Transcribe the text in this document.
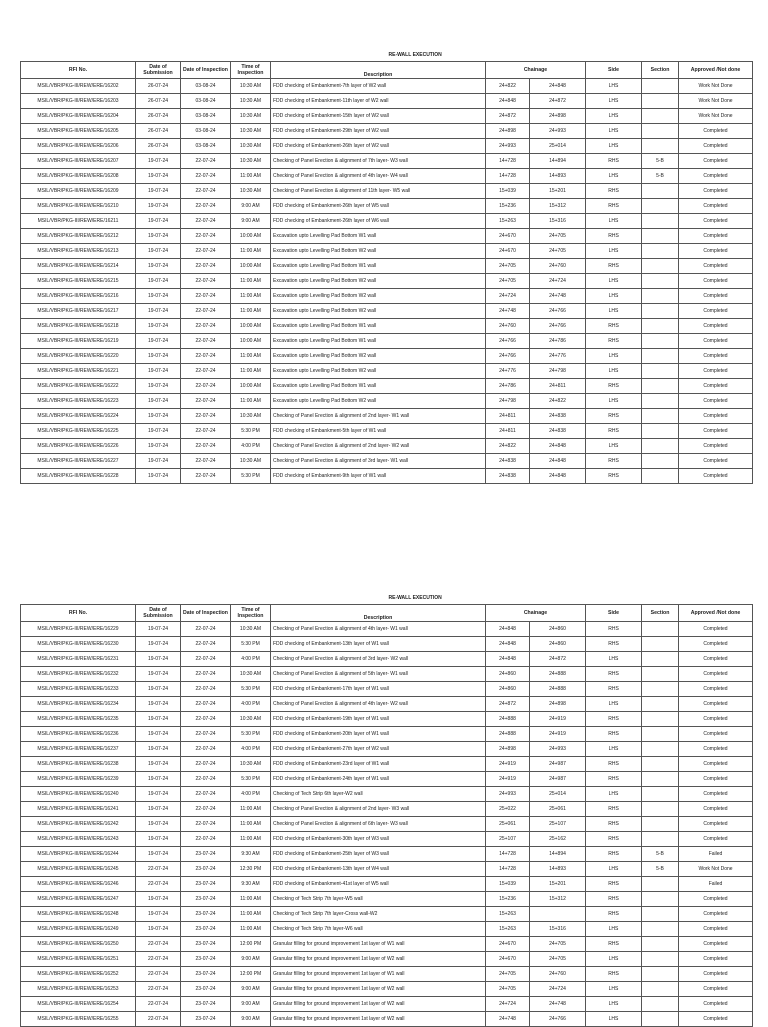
				RE-WALL EXECUTION					
RFI No.	Date of Submission	Date of Inspection	Time of Inspection	Description	Chainage		Side	Section	Approved /Not done
MSIL/VBR/PKG-III/REW/ERE/16202	26-07-24	03-08-24	10:30 AM	FDD checking of Embankment-7th layer of W2 wall	24+822	24+848	LHS		Work Not Done
MSIL/VBR/PKG-III/REW/ERE/16203	26-07-24	03-08-24	10:30 AM	FDD checking of Embankment-11th layer of W2 wall	24+848	24+872	LHS		Work Not Done
MSIL/VBR/PKG-III/REW/ERE/16204	26-07-24	03-08-24	10:30 AM	FDD checking of Embankment-15th layer of W2 wall	24+872	24+898	LHS		Work Not Done
MSIL/VBR/PKG-III/REW/ERE/16205	26-07-24	03-08-24	10:30 AM	FDD checking of Embankment-29th layer of W2 wall	24+898	24+993	LHS		Completed
MSIL/VBR/PKG-III/REW/ERE/16206	26-07-24	03-08-24	10:30 AM	FDD checking of Embankment-26th layer of W2 wall	24+993	25+014	LHS		Completed
MSIL/VBR/PKG-III/REW/ERE/16207	19-07-24	22-07-24	10:30 AM	Checking of Panel Erection & alignment of 7th layer- W3 wall	14+728	14+894	RHS	5-B	Completed
MSIL/VBR/PKG-III/REW/ERE/16208	19-07-24	22-07-24	11:00 AM	Checking of Panel Erection & alignment of 4th layer- W4 wall	14+728	14+893	LHS	5-B	Completed
MSIL/VBR/PKG-III/REW/ERE/16209	19-07-24	22-07-24	10:30 AM	Checking of Panel Erection & alignment of 11th layer- W5 wall	15+039	15+201	RHS		Completed
MSIL/VBR/PKG-III/REW/ERE/16210	19-07-24	22-07-24	9:00 AM	FDD checking of Embankment-26th layer of W5 wall	15+236	15+312	RHS		Completed
MSIL/VBR/PKG-III/REW/ERE/16211	19-07-24	22-07-24	9:00 AM	FDD checking of Embankment-26th layer of W6 wall	15+263	15+316	LHS		Completed
MSIL/VBR/PKG-III/REW/ERE/16212	19-07-24	22-07-24	10:00 AM	Excavation upto Levelling Pad Bottom W1 wall	24+670	24+705	RHS		Completed
MSIL/VBR/PKG-III/REW/ERE/16213	19-07-24	22-07-24	11:00 AM	Excavation upto Levelling Pad Bottom W2 wall	24+670	24+705	LHS		Completed
MSIL/VBR/PKG-III/REW/ERE/16214	19-07-24	22-07-24	10:00 AM	Excavation upto Levelling Pad Bottom W1 wall	24+705	24+760	RHS		Completed
MSIL/VBR/PKG-III/REW/ERE/16215	19-07-24	22-07-24	11:00 AM	Excavation upto Levelling Pad Bottom W2 wall	24+705	24+724	LHS		Completed
MSIL/VBR/PKG-III/REW/ERE/16216	19-07-24	22-07-24	11:00 AM	Excavation upto Levelling Pad Bottom W2 wall	24+724	24+748	LHS		Completed
MSIL/VBR/PKG-III/REW/ERE/16217	19-07-24	22-07-24	11:00 AM	Excavation upto Levelling Pad Bottom W2 wall	24+748	24+766	LHS		Completed
MSIL/VBR/PKG-III/REW/ERE/16218	19-07-24	22-07-24	10:00 AM	Excavation upto Levelling Pad Bottom W1 wall	24+760	24+766	RHS		Completed
MSIL/VBR/PKG-III/REW/ERE/16219	19-07-24	22-07-24	10:00 AM	Excavation upto Levelling Pad Bottom W1 wall	24+766	24+786	RHS		Completed
MSIL/VBR/PKG-III/REW/ERE/16220	19-07-24	22-07-24	11:00 AM	Excavation upto Levelling Pad Bottom W2 wall	24+766	24+776	LHS		Completed
MSIL/VBR/PKG-III/REW/ERE/16221	19-07-24	22-07-24	11:00 AM	Excavation upto Levelling Pad Bottom W2 wall	24+776	24+798	LHS		Completed
MSIL/VBR/PKG-III/REW/ERE/16222	19-07-24	22-07-24	10:00 AM	Excavation upto Levelling Pad Bottom W1 wall	24+786	24+811	RHS		Completed
MSIL/VBR/PKG-III/REW/ERE/16223	19-07-24	22-07-24	11:00 AM	Excavation upto Levelling Pad Bottom W2 wall	24+798	24+822	LHS		Completed
MSIL/VBR/PKG-III/REW/ERE/16224	19-07-24	22-07-24	10:30 AM	Checking of Panel Erection & alignment of 2nd layer- W1 wall	24+811	24+838	RHS		Completed
MSIL/VBR/PKG-III/REW/ERE/16225	19-07-24	22-07-24	5:30 PM	FDD checking of Embankment-5th layer of W1 wall	24+811	24+838	RHS		Completed
MSIL/VBR/PKG-III/REW/ERE/16226	19-07-24	22-07-24	4:00 PM	Checking of Panel Erection & alignment of 2nd layer- W2 wall	24+822	24+848	LHS		Completed
MSIL/VBR/PKG-III/REW/ERE/16227	19-07-24	22-07-24	10:30 AM	Checking of Panel Erection & alignment of 3rd layer- W1 wall	24+838	24+848	RHS		Completed
MSIL/VBR/PKG-III/REW/ERE/16228	19-07-24	22-07-24	5:30 PM	FDD checking of Embankment-9th layer of W1 wall	24+838	24+848	RHS		Completed
				RE-WALL EXECUTION					
RFI No.	Date of Submission	Date of Inspection	Time of Inspection	Description	Chainage		Side	Section	Approved /Not done
MSIL/VBR/PKG-III/REW/ERE/16229	19-07-24	22-07-24	10:30 AM	Checking of Panel Erection & alignment of 4th layer- W1 wall	24+848	24+860	RHS		Completed
MSIL/VBR/PKG-III/REW/ERE/16230	19-07-24	22-07-24	5:30 PM	FDD checking of Embankment-13th layer of W1 wall	24+848	24+860	RHS		Completed
MSIL/VBR/PKG-III/REW/ERE/16231	19-07-24	22-07-24	4:00 PM	Checking of Panel Erection & alignment of 3rd layer- W2 wall	24+848	24+872	LHS		Completed
MSIL/VBR/PKG-III/REW/ERE/16232	19-07-24	22-07-24	10:30 AM	Checking of Panel Erection & alignment of 5th layer- W1 wall	24+860	24+888	RHS		Completed
MSIL/VBR/PKG-III/REW/ERE/16233	19-07-24	22-07-24	5:30 PM	FDD checking of Embankment-17th layer of W1 wall	24+860	24+888	RHS		Completed
MSIL/VBR/PKG-III/REW/ERE/16234	19-07-24	22-07-24	4:00 PM	Checking of Panel Erection & alignment of 4th layer- W2 wall	24+872	24+898	LHS		Completed
MSIL/VBR/PKG-III/REW/ERE/16235	19-07-24	22-07-24	10:30 AM	FDD checking of Embankment-19th layer of W1 wall	24+888	24+919	RHS		Completed
MSIL/VBR/PKG-III/REW/ERE/16236	19-07-24	22-07-24	5:30 PM	FDD checking of Embankment-20th layer of W1 wall	24+888	24+919	RHS		Completed
MSIL/VBR/PKG-III/REW/ERE/16237	19-07-24	22-07-24	4:00 PM	FDD checking of Embankment-27th layer of W2 wall	24+898	24+993	LHS		Completed
MSIL/VBR/PKG-III/REW/ERE/16238	19-07-24	22-07-24	10:30 AM	FDD checking of Embankment-23rd layer of W1 wall	24+919	24+987	RHS		Completed
MSIL/VBR/PKG-III/REW/ERE/16239	19-07-24	22-07-24	5:30 PM	FDD checking of Embankment-24th layer of W1 wall	24+919	24+987	RHS		Completed
MSIL/VBR/PKG-III/REW/ERE/16240	19-07-24	22-07-24	4:00 PM	Checking of Tech Strip 6th layer-W2 wall	24+993	25+014	LHS		Completed
MSIL/VBR/PKG-III/REW/ERE/16241	19-07-24	22-07-24	11:00 AM	Checking of Panel Erection & alignment of 2nd layer- W3 wall	25+022	25+061	RHS		Completed
MSIL/VBR/PKG-III/REW/ERE/16242	19-07-24	22-07-24	11:00 AM	Checking of Panel Erection & alignment of 6th layer- W3 wall	25+061	25+107	RHS		Completed
MSIL/VBR/PKG-III/REW/ERE/16243	19-07-24	22-07-24	11:00 AM	FDD checking of Embankment-30th layer of W3 wall	25+107	25+162	RHS		Completed
MSIL/VBR/PKG-III/REW/ERE/16244	19-07-24	23-07-24	9:30 AM	FDD checking of Embankment-25th layer of W3 wall	14+728	14+894	RHS	5-B	Failed
MSIL/VBR/PKG-III/REW/ERE/16245	22-07-24	23-07-24	12:30 PM	FDD checking of Embankment-13th layer of W4 wall	14+728	14+893	LHS	5-B	Work Not Done
MSIL/VBR/PKG-III/REW/ERE/16246	22-07-24	23-07-24	9:30 AM	FDD checking of Embankment-41st layer of W5 wall	15+039	15+201	RHS		Failed
MSIL/VBR/PKG-III/REW/ERE/16247	19-07-24	23-07-24	11:00 AM	Checking of Tech Strip 7th layer-W5 wall	15+236	15+312	RHS		Completed
MSIL/VBR/PKG-III/REW/ERE/16248	19-07-24	23-07-24	11:00 AM	Checking of Tech Strip 7th layer-Cross wall-W2	15+263		RHS		Completed
MSIL/VBR/PKG-III/REW/ERE/16249	19-07-24	23-07-24	11:00 AM	Checking of Tech Strip 7th layer-W6 wall	15+263	15+316	LHS		Completed
MSIL/VBR/PKG-III/REW/ERE/16250	22-07-24	23-07-24	12:00 PM	Granular filling for ground improvement 1st layer of W1 wall	24+670	24+705	RHS		Completed
MSIL/VBR/PKG-III/REW/ERE/16251	22-07-24	23-07-24	9:00 AM	Granular filling for ground improvement 1st layer of W2 wall	24+670	24+705	LHS		Completed
MSIL/VBR/PKG-III/REW/ERE/16252	22-07-24	23-07-24	12:00 PM	Granular filling for ground improvement 1st layer of W1 wall	24+705	24+760	RHS		Completed
MSIL/VBR/PKG-III/REW/ERE/16253	22-07-24	23-07-24	9:00 AM	Granular filling for ground improvement 1st layer of W2 wall	24+705	24+724	LHS		Completed
MSIL/VBR/PKG-III/REW/ERE/16254	22-07-24	23-07-24	9:00 AM	Granular filling for ground improvement 1st layer of W2 wall	24+724	24+748	LHS		Completed
MSIL/VBR/PKG-III/REW/ERE/16255	22-07-24	23-07-24	9:00 AM	Granular filling for ground improvement 1st layer of W2 wall	24+748	24+766	LHS		Completed
